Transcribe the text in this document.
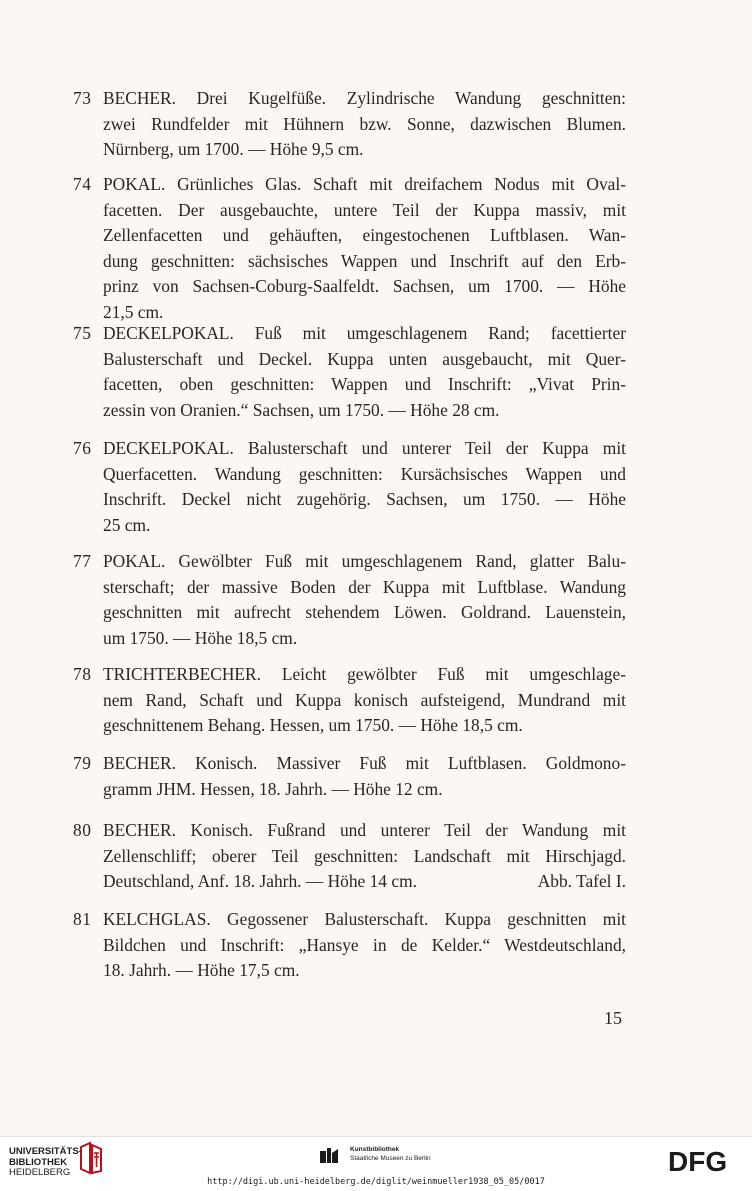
73 BECHER. Drei Kugelfüße. Zylindrische Wandung geschnitten:
zwei Rundfelder mit Hühnern bzw. Sonne, dazwischen Blumen.
Nürnberg, um 1700. — Höhe 9,5 cm.
74 POKAL. Grünliches Glas. Schaft mit dreifachem Nodus mit Oval-
facetten. Der ausgebauchte, untere Teil der Kuppa massiv, mit
Zellenfacetten und gehäuften, eingestochenen Luftblasen. Wan-
dung geschnitten: sächsisches Wappen und Inschrift auf den Erb-
prinz von Sachsen-Coburg-Saalfeldt. Sachsen, um 1700. — Höhe
21,5 cm.
75 DECKELPOKAL. Fuß mit umgeschlagenem Rand; facettierter
Balusterschaft und Deckel. Kuppa unten ausgebaucht, mit Quer-
facetten, oben geschnitten: Wappen und Inschrift: „Vivat Prin-
zessin von Oranien.“ Sachsen, um 1750. — Höhe 28 cm.
76 DECKELPOKAL. Balusterschaft und unterer Teil der Kuppa mit
Querfacetten. Wandung geschnitten: Kursächsisches Wappen und
Inschrift. Deckel nicht zugehörig. Sachsen, um 1750. — Höhe
25 cm.
77 POKAL. Gewölbter Fuß mit umgeschlagenem Rand, glatter Balu-
sterschaft; der massive Boden der Kuppa mit Luftblase. Wandung
geschnitten mit aufrecht stehendem Löwen. Goldrand. Lauenstein,
um 1750. — Höhe 18,5 cm.
78 TRICHTERBECHER. Leicht gewölbter Fuß mit umgeschlage-
nem Rand, Schaft und Kuppa konisch aufsteigend, Mundrand mit
geschnittenem Behang. Hessen, um 1750. — Höhe 18,5 cm.
79 BECHER. Konisch. Massiver Fuß mit Luftblasen. Goldmono-
gramm JHM. Hessen, 18. Jahrh. — Höhe 12 cm.
80 BECHER. Konisch. Fußrand und unterer Teil der Wandung mit
Zellenschliff; oberer Teil geschnitten: Landschaft mit Hirschjagd.
Deutschland, Anf. 18. Jahrh. — Höhe 14 cm.	Abb. Tafel I.
81 KELCHGLAS. Gegossener Balusterschaft. Kuppa geschnitten mit
Bildchen und Inschrift: „Hansye in de Kelder.“ Westdeutschland,
18. Jahrh. — Höhe 17,5 cm.
15
UNIVERSITÄTS-
BIBLIOTHEK
HEIDELBERG
Kunstbibliothek
Staatliche Museen zu Berlin	DFG
http://digi.ub.uni-heidelberg.de/diglit/weinmueller1938_05_05/0017
